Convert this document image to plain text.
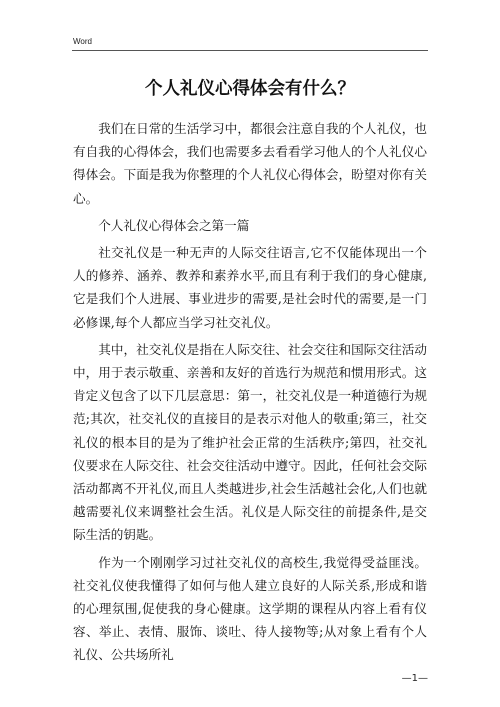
Word
个人礼仪心得体会有什么？

我们在日常的生活学习中，都很会注意自我的个人礼仪，也有自我的心得体会，我们也需要多去看看学习他人的个人礼仪心得体会。下面是我为你整理的个人礼仪心得体会，盼望对你有关心。

个人礼仪心得体会之第一篇

社交礼仪是一种无声的人际交往语言,它不仅能体现出一个人的修养、涵养、教养和素养水平,而且有利于我们的身心健康,它是我们个人进展、事业进步的需要,是社会时代的需要,是一门必修课,每个人都应当学习社交礼仪。

其中，社交礼仪是指在人际交往、社会交往和国际交往活动中，用于表示敬重、亲善和友好的首选行为规范和惯用形式。这肯定义包含了以下几层意思：第一，社交礼仪是一种道德行为规范;其次，社交礼仪的直接目的是表示对他人的敬重;第三，社交礼仪的根本目的是为了维护社会正常的生活秩序;第四，社交礼仪要求在人际交往、社会交往活动中遵守。因此，任何社会交际活动都离不开礼仪,而且人类越进步,社会生活越社会化,人们也就越需要礼仪来调整社会生活。礼仪是人际交往的前提条件,是交际生活的钥匙。

作为一个刚刚学习过社交礼仪的高校生,我觉得受益匪浅。社交礼仪使我懂得了如何与他人建立良好的人际关系,形成和谐的心理氛围,促使我的身心健康。这学期的课程从内容上看有仪容、举止、表情、服饰、谈吐、待人接物等;从对象上看有个人礼仪、公共场所礼

—1—
